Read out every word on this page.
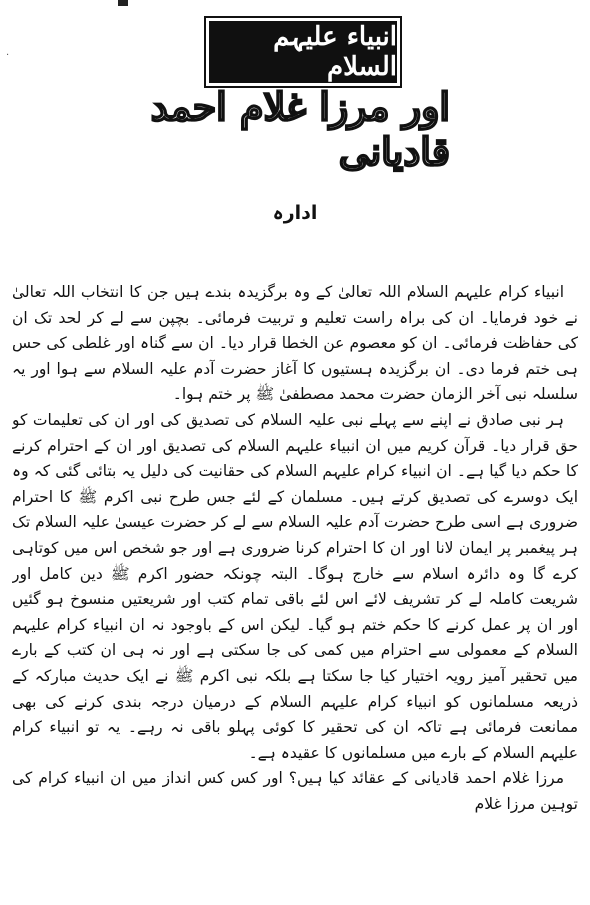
·
انبیاء علیہم السلام
اور مرزا غلام احمد قادیانی
ادارہ

انبیاء کرام علیہم السلام اللہ تعالیٰ کے وہ برگزیدہ بندے ہیں جن کا انتخاب اللہ تعالیٰ نے خود فرمایا۔ ان کی براہ راست تعلیم و تربیت فرمائی۔ بچپن سے لے کر لحد تک ان کی حفاظت فرمائی۔ ان کو معصوم عن الخطا قرار دیا۔ ان سے گناہ اور غلطی کی حس ہی ختم فرما دی۔ ان برگزیدہ ہستیوں کا آغاز حضرت آدم علیہ السلام سے ہوا اور یہ سلسلہ نبی آخر الزمان حضرت محمد مصطفیٰ ﷺ پر ختم ہوا۔

ہر نبی صادق نے اپنے سے پہلے نبی علیہ السلام کی تصدیق کی اور ان کی تعلیمات کو حق قرار دیا۔ قرآن کریم میں ان انبیاء علیہم السلام کی تصدیق اور ان کے احترام کرنے کا حکم دیا گیا ہے۔ ان انبیاء کرام علیہم السلام کی حقانیت کی دلیل یہ بتائی گئی کہ وہ ایک دوسرے کی تصدیق کرتے ہیں۔ مسلمان کے لئے جس طرح نبی اکرم ﷺ کا احترام ضروری ہے اسی طرح حضرت آدم علیہ السلام سے لے کر حضرت عیسیٰ علیہ السلام تک ہر پیغمبر پر ایمان لانا اور ان کا احترام کرنا ضروری ہے اور جو شخص اس میں کوتاہی کرے گا وہ دائرہ اسلام سے خارج ہوگا۔ البتہ چونکہ حضور اکرم ﷺ دین کامل اور شریعت کاملہ لے کر تشریف لائے اس لئے باقی تمام کتب اور شریعتیں منسوخ ہو گئیں اور ان پر عمل کرنے کا حکم ختم ہو گیا۔ لیکن اس کے باوجود نہ ان انبیاء کرام علیہم السلام کے معمولی سے احترام میں کمی کی جا سکتی ہے اور نہ ہی ان کتب کے بارے میں تحقیر آمیز رویہ اختیار کیا جا سکتا ہے بلکہ نبی اکرم ﷺ نے ایک حدیث مبارکہ کے ذریعہ مسلمانوں کو انبیاء کرام علیہم السلام کے درمیان درجہ بندی کرنے کی بھی ممانعت فرمائی ہے تاکہ ان کی تحقیر کا کوئی پہلو باقی نہ رہے۔ یہ تو انبیاء کرام علیہم السلام کے بارے میں مسلمانوں کا عقیدہ ہے۔

مرزا غلام احمد قادیانی کے عقائد کیا ہیں؟ اور کس کس انداز میں ان انبیاء کرام کی توہین مرزا غلام
